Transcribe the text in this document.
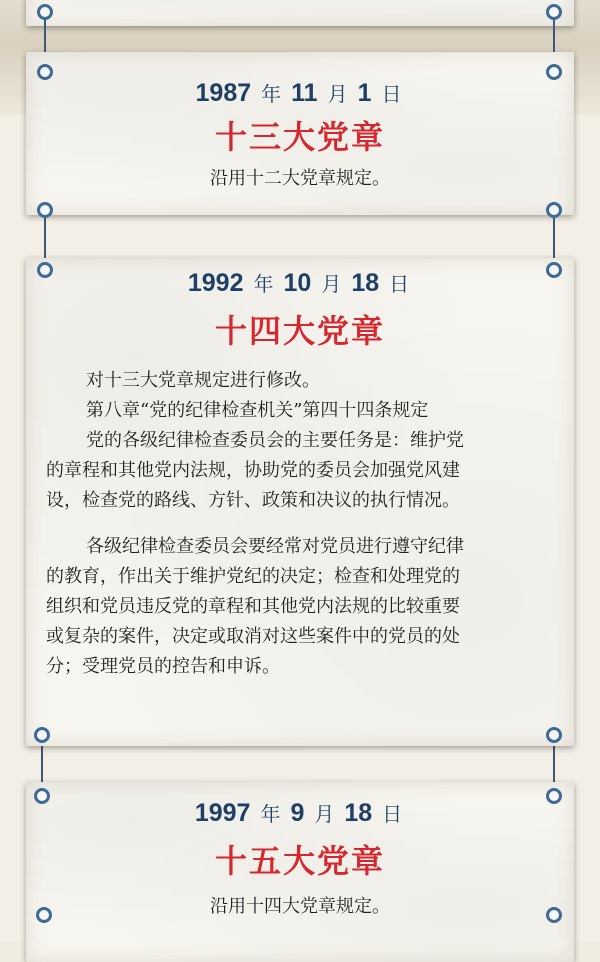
1987 年 11 月 1 日
十三大党章
沿用十二大党章规定。
1992 年 10 月 18 日
十四大党章
对十三大党章规定进行修改。
第八章“党的纪律检查机关”第四十四条规定
党的各级纪律检查委员会的主要任务是：维护党
的章程和其他党内法规，协助党的委员会加强党风建
设，检查党的路线、方针、政策和决议的执行情况。
各级纪律检查委员会要经常对党员进行遵守纪律
的教育，作出关于维护党纪的决定；检查和处理党的
组织和党员违反党的章程和其他党内法规的比较重要
或复杂的案件，决定或取消对这些案件中的党员的处
分；受理党员的控告和申诉。
1997 年 9 月 18 日
十五大党章
沿用十四大党章规定。
